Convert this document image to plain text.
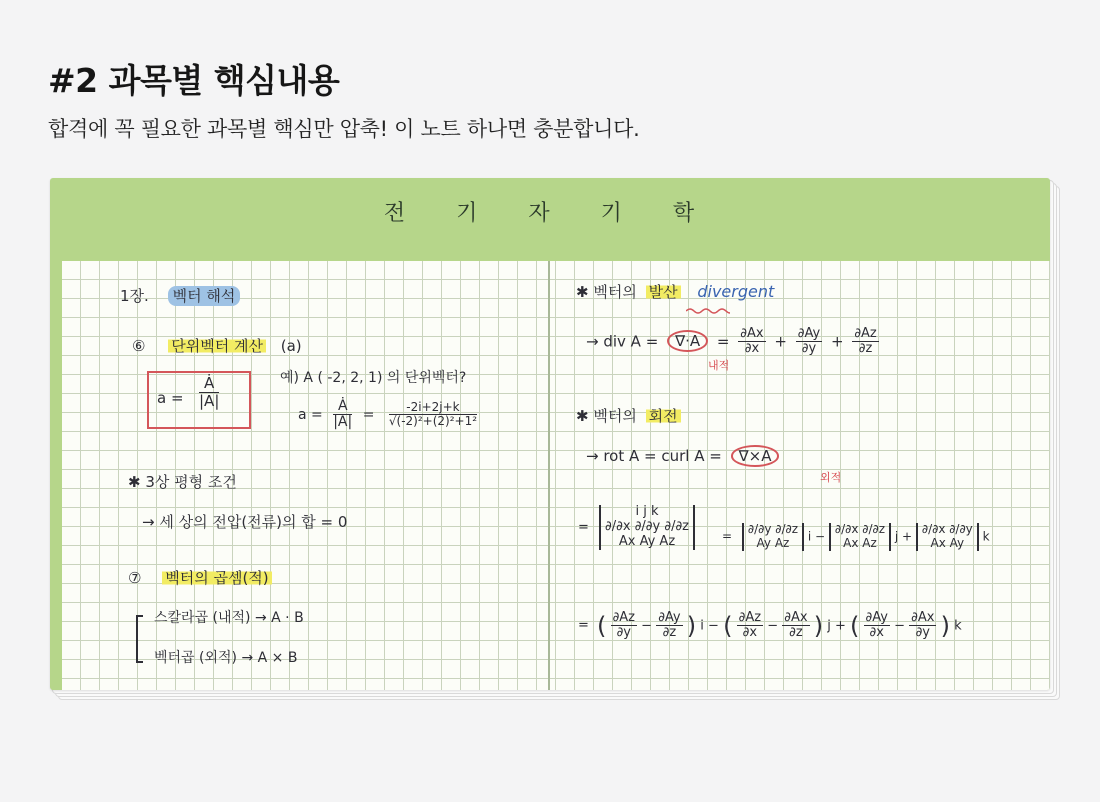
#2 과목별 핵심내용

합격에 꼭 필요한 과목별 핵심만 압축! 이 노트 하나면 충분합니다.

전 기 자 기 학
1장. 벡터 해석
⑥ 단위벡터 계산 (a)
$a = \frac{Ȧ}{|A|}$	예) A ( -2, 2, 1) 의 단위벡터?
$a = \frac{Ȧ}{|A|} = \frac{-2i+2j+k}{\text{√(-2)²+(2)²+1²}}$
✱ 3상 평형 조건
→ 세 상의 전압(전류)의 합 = 0
⑦ 벡터의 곱셈(적)
스칼라곱 (내적) → A · B
벡터곱 (외적) → A × B
✱ 벡터의 발산 divergent
→ div $A = \nabla\cdot A = \frac{\partial Ax}{\partial x} + \frac{\partial Ay}{\partial y} + \frac{\partial Az}{\partial z}$
내적
✱ 벡터의 회전
→ rot A = curl A = ∇×A
외적
=
i j k
∂/∂x ∂/∂y ∂/∂z
Ax Ay Az	=
∂/∂y ∂/∂z
Ay Az	i −
∂/∂x ∂/∂z
Ax Az	j +
∂/∂x ∂/∂y
Ax Ay	k
= ( $\frac{\partial Az}{\partial y} - \frac{\partial Ay}{\partial z}$ ) i − ( $\frac{\partial Az}{\partial x} - \frac{\partial Ax}{\partial z}$ ) j + ( $\frac{\partial Ay}{\partial x} - \frac{\partial Ax}{\partial y}$ ) k
